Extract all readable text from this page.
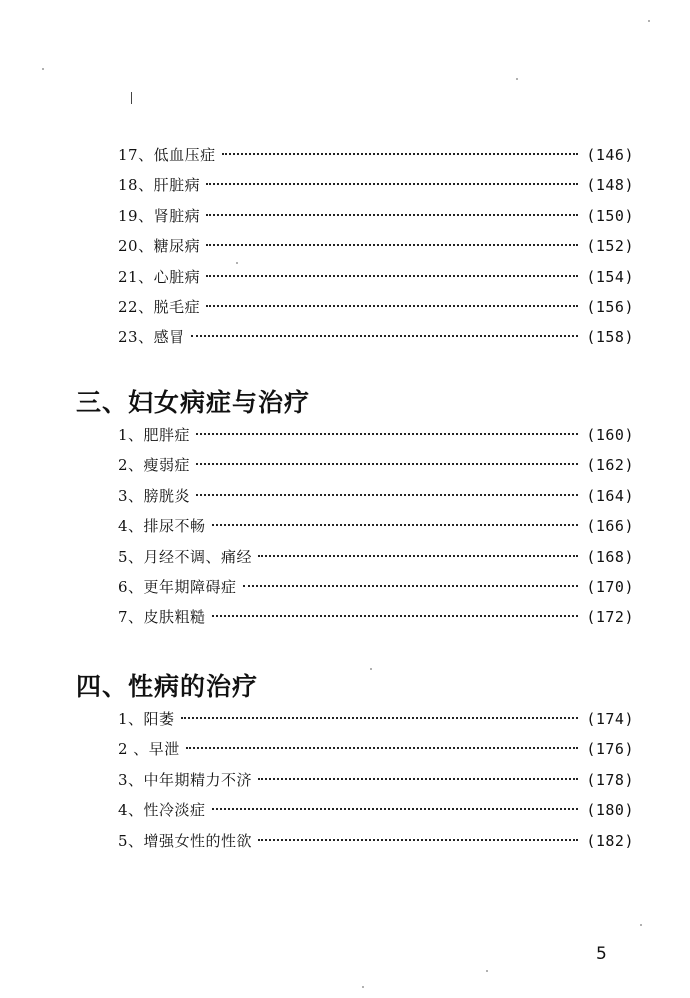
17、低血压症	(146)
18、肝脏病	(148)
19、肾脏病	(150)
20、糖尿病	(152)
21、心脏病	(154)
22、脱毛症	(156)
23、感冒	(158)
三、妇女病症与治疗
1、肥胖症	(160)
2、瘦弱症	(162)
3、膀胱炎	(164)
4、排尿不畅	(166)
5、月经不调、痛经	(168)
6、更年期障碍症	(170)
7、皮肤粗糙	(172)
四、性病的治疗
1、阳萎	(174)
2 、早泄	(176)
3、中年期精力不济	(178)
4、性冷淡症	(180)
5、增强女性的性欲	(182)
5
